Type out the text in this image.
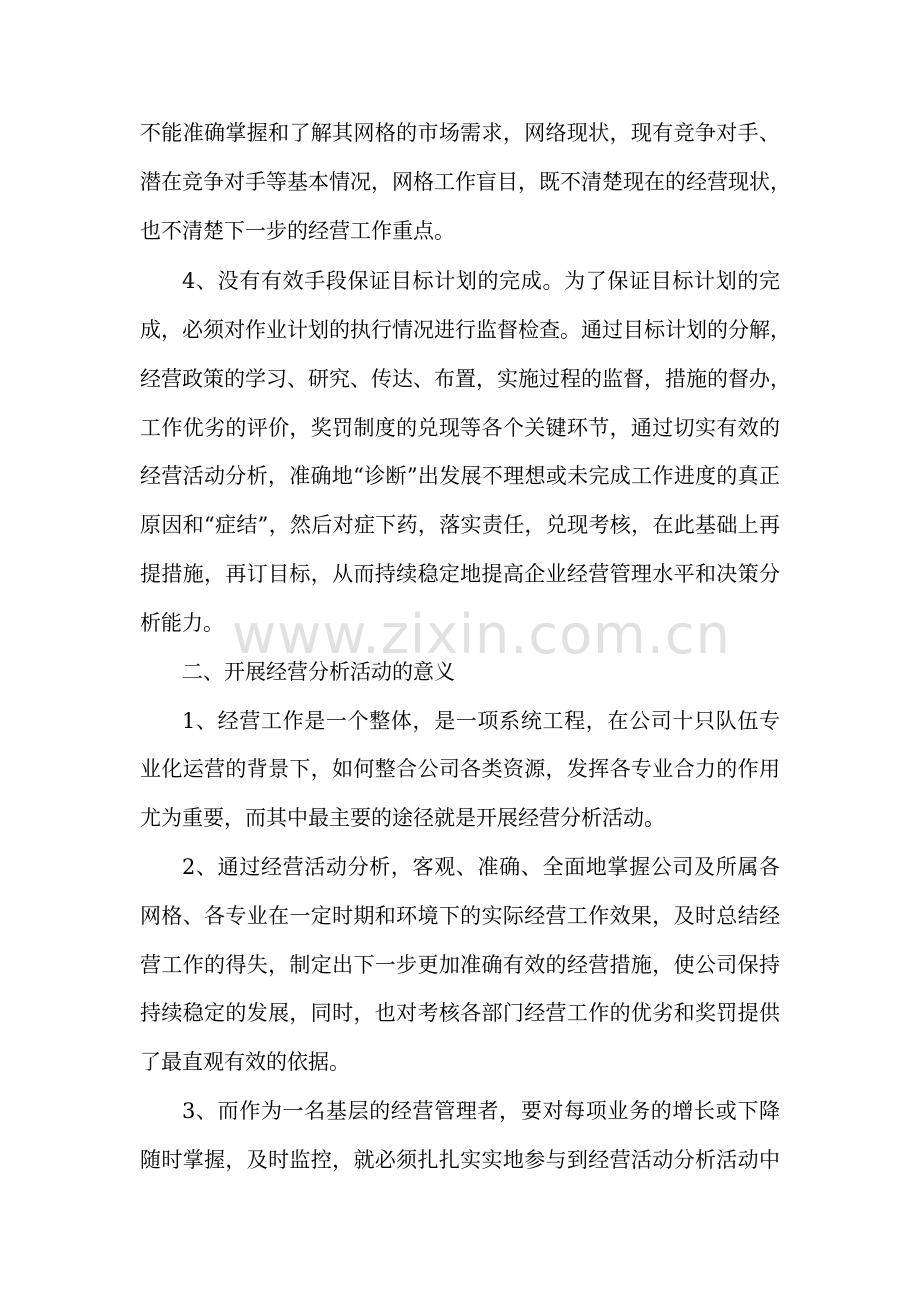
不能准确掌握和了解其网格的市场需求，网络现状，现有竞争对手、
潜在竞争对手等基本情况，网格工作盲目，既不清楚现在的经营现状，
也不清楚下一步的经营工作重点。
4、没有有效手段保证目标计划的完成。为了保证目标计划的完
成，必须对作业计划的执行情况进行监督检查。通过目标计划的分解，
经营政策的学习、研究、传达、布置，实施过程的监督，措施的督办，
工作优劣的评价，奖罚制度的兑现等各个关键环节，通过切实有效的
经营活动分析，准确地“诊断”出发展不理想或未完成工作进度的真正
原因和“症结”，然后对症下药，落实责任，兑现考核，在此基础上再
提措施，再订目标，从而持续稳定地提高企业经营管理水平和决策分
析能力。
二、开展经营分析活动的意义
1、经营工作是一个整体，是一项系统工程，在公司十只队伍专
业化运营的背景下，如何整合公司各类资源，发挥各专业合力的作用
尤为重要，而其中最主要的途径就是开展经营分析活动。
2、通过经营活动分析，客观、准确、全面地掌握公司及所属各
网格、各专业在一定时期和环境下的实际经营工作效果，及时总结经
营工作的得失，制定出下一步更加准确有效的经营措施，使公司保持
持续稳定的发展，同时，也对考核各部门经营工作的优劣和奖罚提供
了最直观有效的依据。
3、而作为一名基层的经营管理者，要对每项业务的增长或下降
随时掌握，及时监控，就必须扎扎实实地参与到经营活动分析活动中
www.zixin.com.cn
